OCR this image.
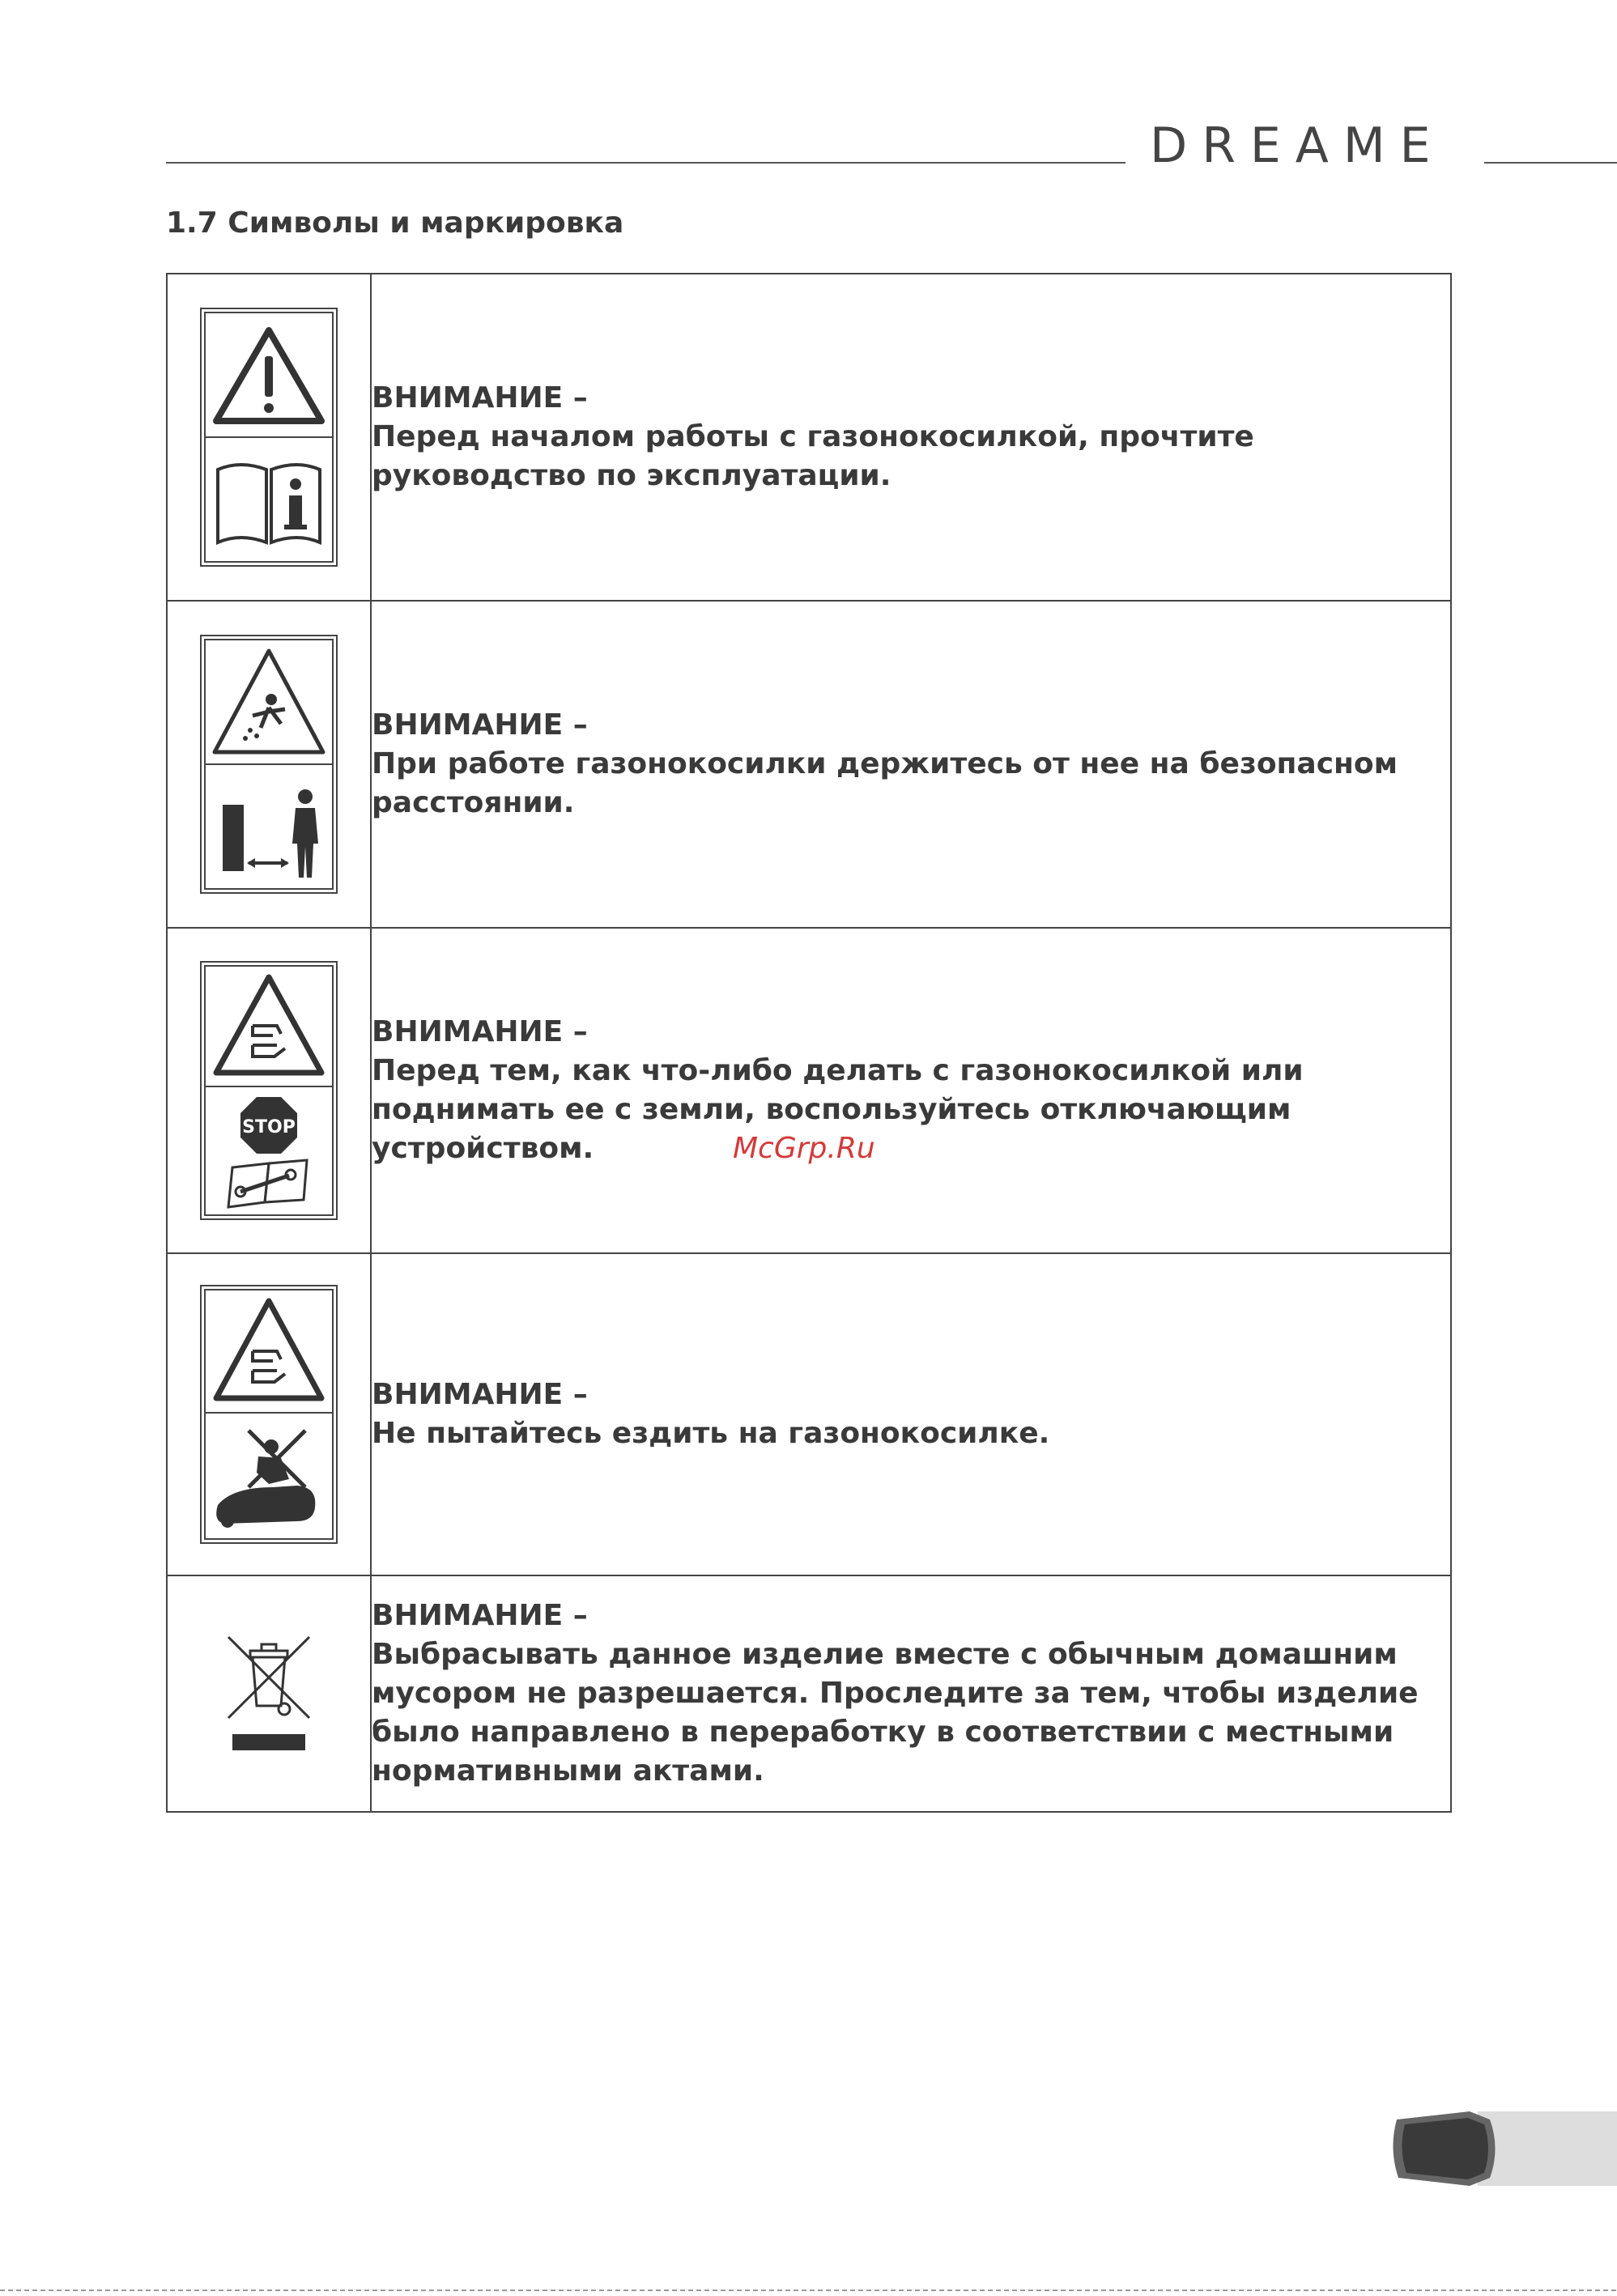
DREAME
1.7 Символы и маркировка

ВНИМАНИЕ –
Перед началом работы с газонокосилкой, прочтите руководство по эксплуатации.

ВНИМАНИЕ –
При работе газонокосилки держитесь от нее на безопасном расстоянии.

STOP	ВНИМАНИЕ –
Перед тем, как что-либо делать с газонокосилкой или поднимать ее с земли, воспользуйтесь отключающим устройством.

ВНИМАНИЕ –
Не пытайтесь ездить на газонокосилке.

ВНИМАНИЕ –
Выбрасывать данное изделие вместе с обычным домашним мусором не разрешается. Проследите за тем, чтобы изделие было направлено в переработку в соответствии с местными нормативными актами.
McGrp.Ru
